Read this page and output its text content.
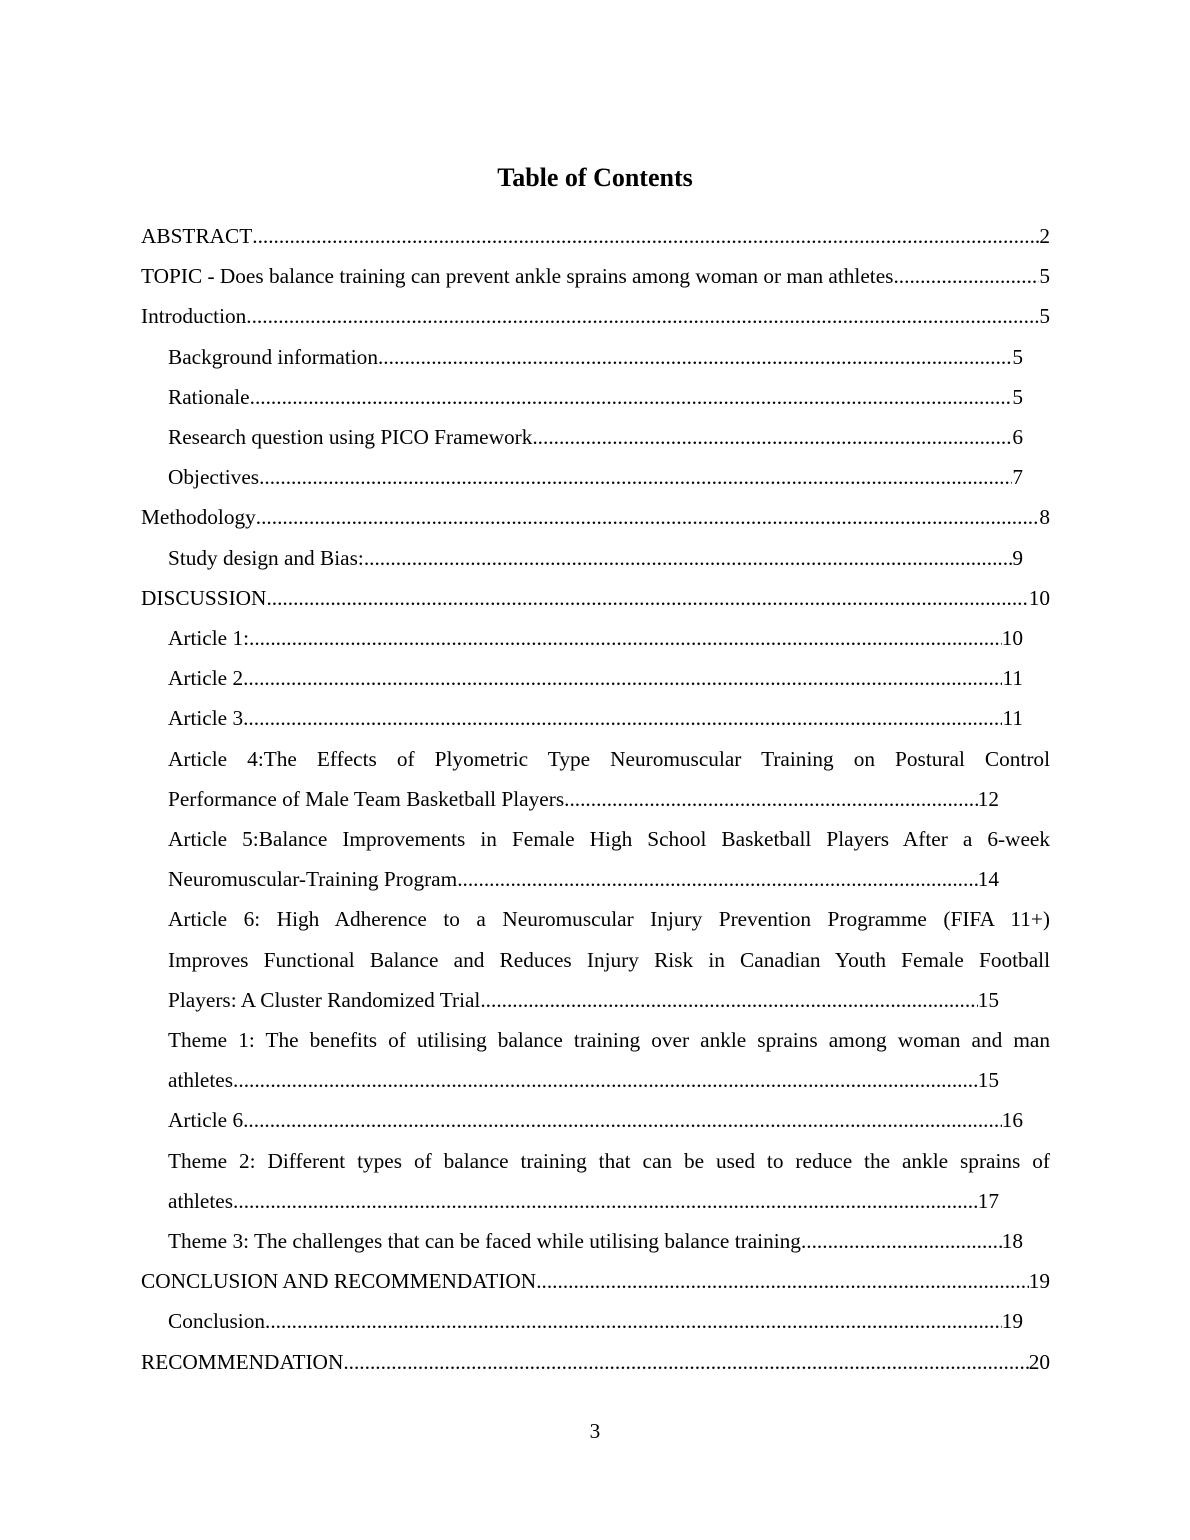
Table of Contents
ABSTRACT .....	2
TOPIC - Does balance training can prevent ankle sprains among woman or man athletes .....	5
Introduction .....	5
Background information .....	5
Rationale .....	5
Research question using PICO Framework .....	6
Objectives .....	7
Methodology .....	8
Study design and Bias: .....	9
DISCUSSION .....	10
Article 1: .....	10
Article 2 .....	11
Article 3 .....	11
Article 4:The Effects of Plyometric Type Neuromuscular Training on Postural Control
Performance of Male Team Basketball Players .....	12
Article 5:Balance Improvements in Female High School Basketball Players After a 6-week
Neuromuscular-Training Program .....	14
Article 6: High Adherence to a Neuromuscular Injury Prevention Programme (FIFA 11+)
Improves Functional Balance and Reduces Injury Risk in Canadian Youth Female Football
Players: A Cluster Randomized Trial .....	15
Theme 1: The benefits of utilising balance training over ankle sprains among woman and man
athletes .....	15
Article 6 .....	16
Theme 2: Different types of balance training that can be used to reduce the ankle sprains of
athletes .....	17
Theme 3: The challenges that can be faced while utilising balance training .....	18
CONCLUSION AND RECOMMENDATION .....	19
Conclusion .....	19
RECOMMENDATION .....	20
3
